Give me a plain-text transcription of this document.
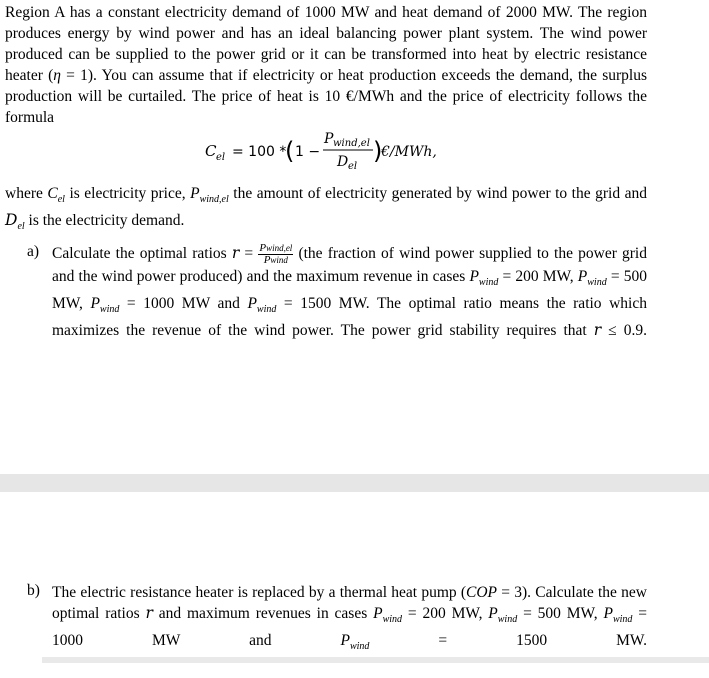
Region A has a constant electricity demand of 1000 MW and heat demand of 2000 MW. The region produces energy by wind power and has an ideal balancing power plant system. The wind power produced can be supplied to the power grid or it can be transformed into heat by electric resistance heater (η = 1). You can assume that if electricity or heat production exceeds the demand, the surplus production will be curtailed. The price of heat is 10 €/MWh and the price of electricity follows the formula
C el = 100 *
( 1 −
P wind,el
D el
)
€/MWh,
where $C_{el}$ is electricity price, $P_{wind,el}$ the amount of electricity generated by wind power to the grid and $D_{el}$ is the electricity demand.
a) Calculate the optimal ratios $r = \frac{\text{Pwind,el}}{\text{Pwind}} (the$ fraction of wind power supplied to the power grid and the wind power produced) and the maximum revenue in cases $P_{wind} = 200$ MW, $P_{wind} = 500$ MW, $P_{wind} = 1000$ MW and $P_{wind} = 1500$ MW. The optimal ratio means the ratio which maximizes the revenue of the wind power. The power grid stability requires that r ≤ 0.9.
b) The electric resistance heater is replaced by a thermal heat pump (COP = 3). Calculate the new optimal ratios r and maximum revenues in cases $P_{wind} = 200$ MW, $P_{wind} = 500$ MW, $P_{wind} = 1000$ MW and $P_{wind} = 1500$ MW.
